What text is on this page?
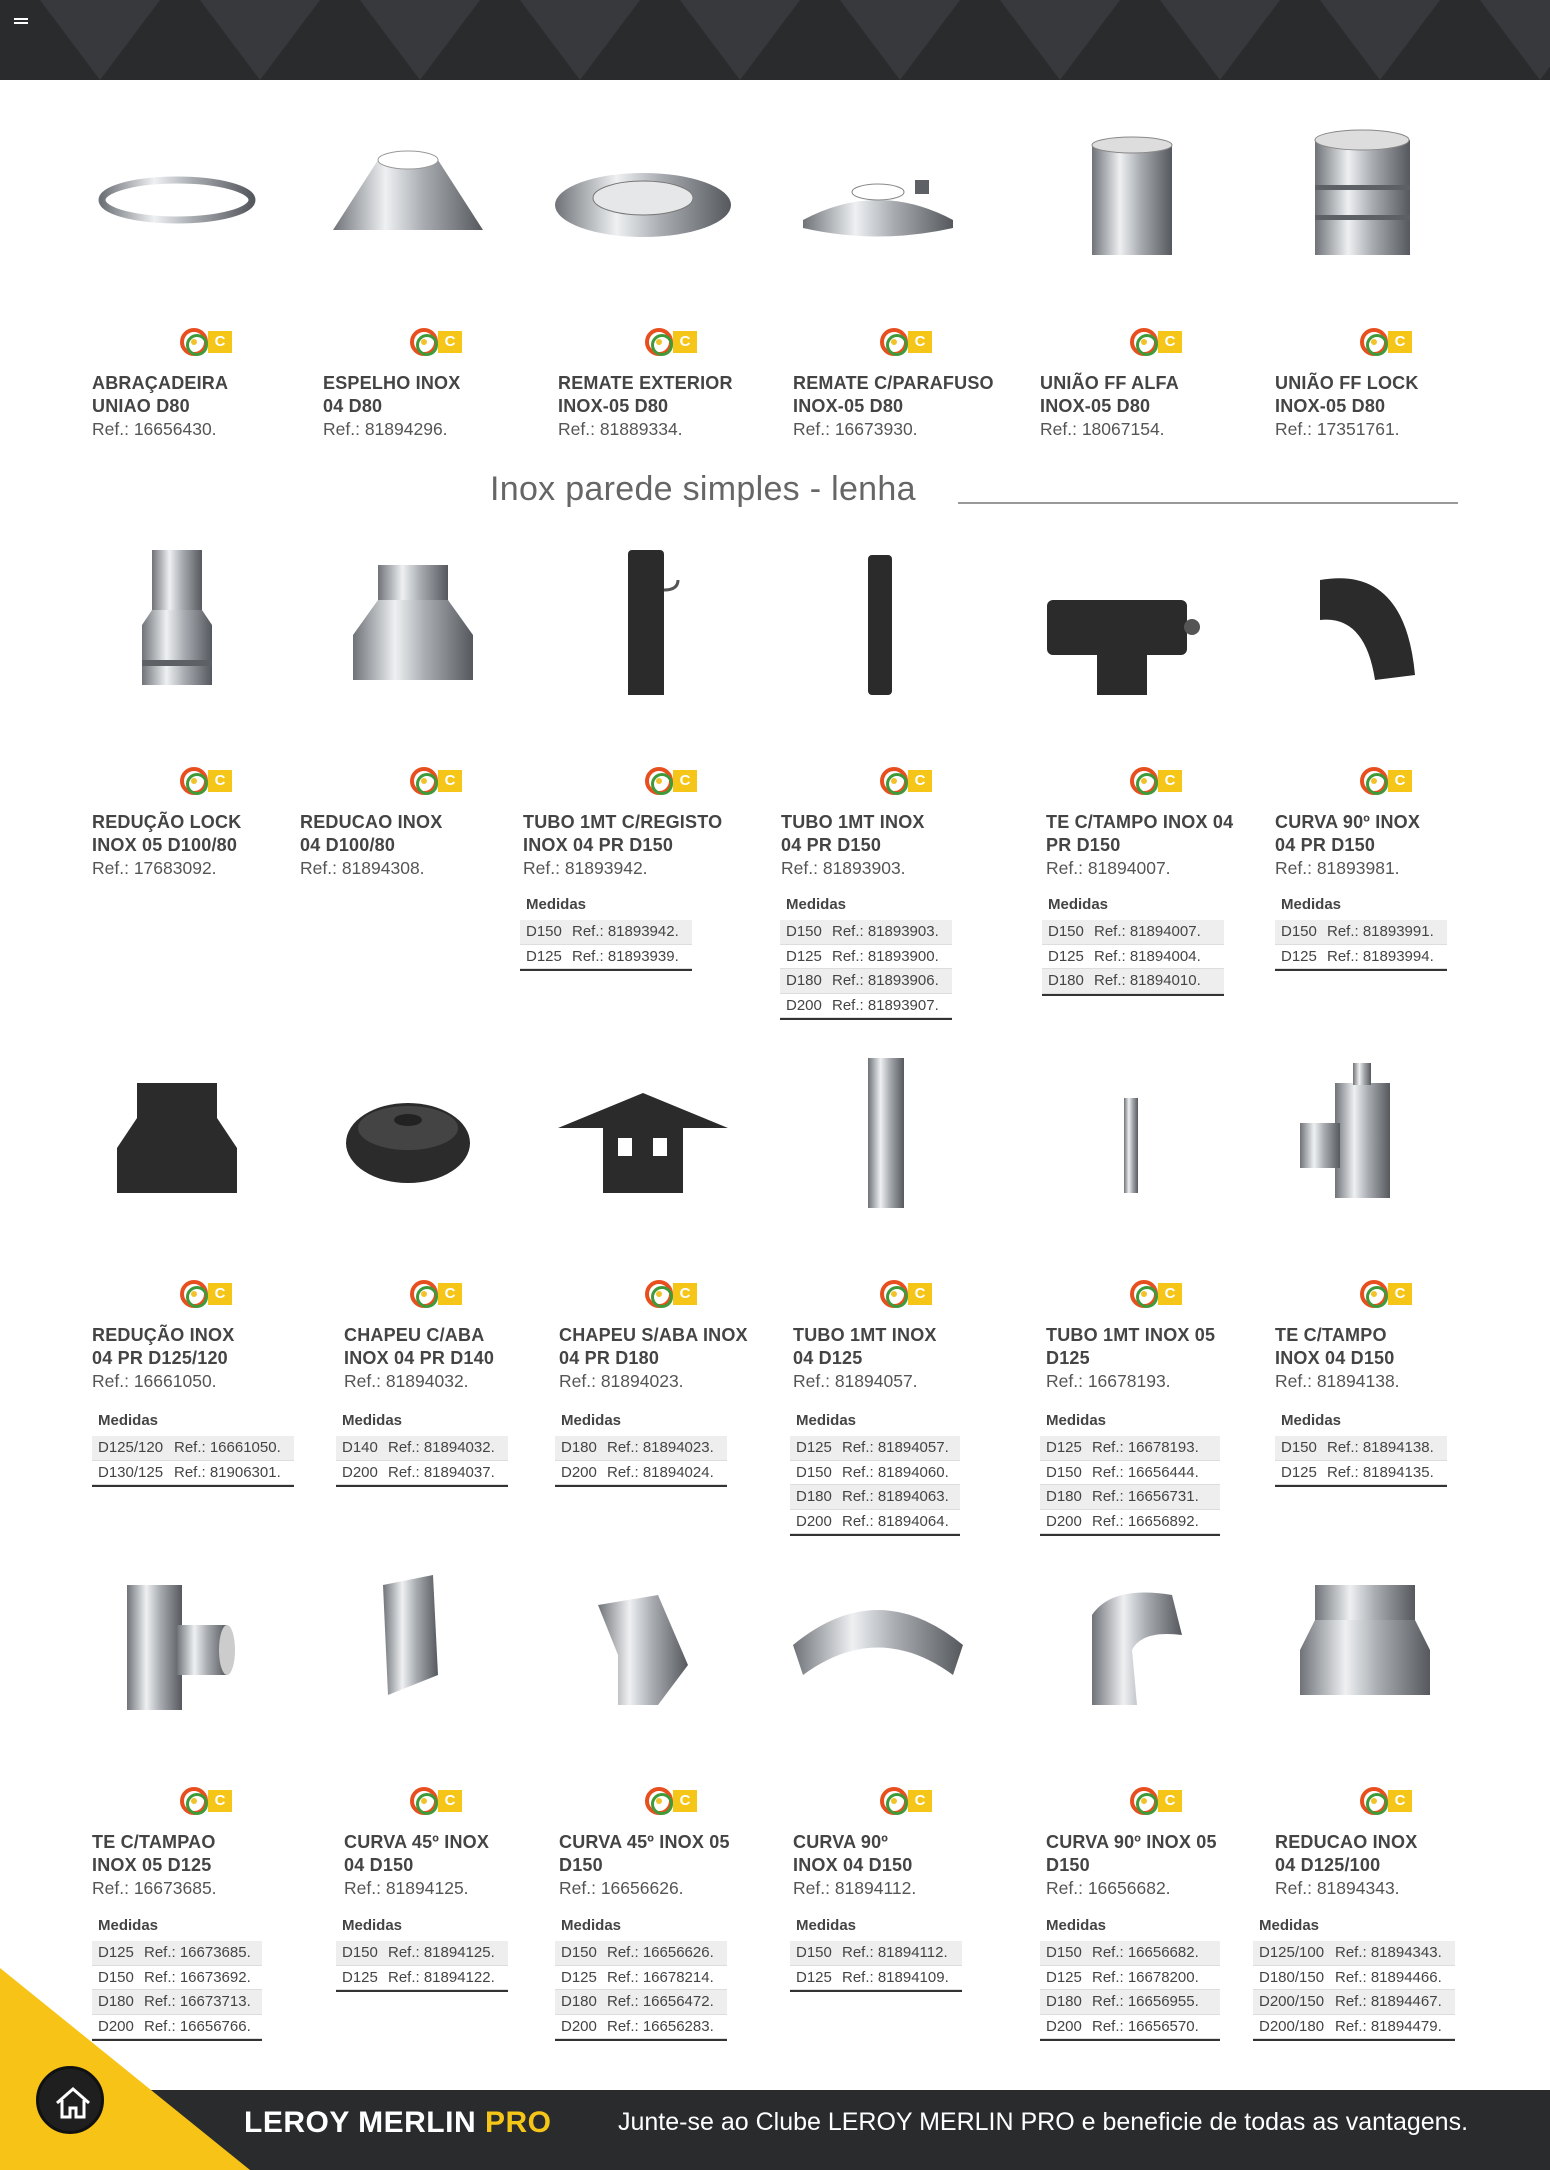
Inox parede simples - lenha
C
ABRAÇADEIRA
UNIAO D80
Ref.: 16656430.
C
ESPELHO INOX
04 D80
Ref.: 81894296.
C
REMATE EXTERIOR
INOX-05 D80
Ref.: 81889334.
C
REMATE C/PARAFUSO
INOX-05 D80
Ref.: 16673930.
C
UNIÃO FF ALFA
INOX-05 D80
Ref.: 18067154.
C
UNIÃO FF LOCK
INOX-05 D80
Ref.: 17351761.
C
REDUÇÃO LOCK
INOX 05 D100/80
Ref.: 17683092.
C
REDUCAO INOX
04 D100/80
Ref.: 81894308.
C
TUBO 1MT C/REGISTO
INOX 04 PR D150
Ref.: 81893942.
Medidas
D150 Ref.: 81893942.
D125 Ref.: 81893939.
C
TUBO 1MT INOX
04 PR D150
Ref.: 81893903.
Medidas
D150 Ref.: 81893903.
D125 Ref.: 81893900.
D180 Ref.: 81893906.
D200 Ref.: 81893907.
C
TE C/TAMPO INOX 04
PR D150
Ref.: 81894007.
Medidas
D150 Ref.: 81894007.
D125 Ref.: 81894004.
D180 Ref.: 81894010.
C
CURVA 90º INOX
04 PR D150
Ref.: 81893981.
Medidas
D150 Ref.: 81893991.
D125 Ref.: 81893994.
C
REDUÇÃO INOX
04 PR D125/120
Ref.: 16661050.
Medidas
D125/120 Ref.: 16661050.
D130/125 Ref.: 81906301.
C
CHAPEU C/ABA
INOX 04 PR D140
Ref.: 81894032.
Medidas
D140 Ref.: 81894032.
D200 Ref.: 81894037.
C
CHAPEU S/ABA INOX
04 PR D180
Ref.: 81894023.
Medidas
D180 Ref.: 81894023.
D200 Ref.: 81894024.
C
TUBO 1MT INOX
04 D125
Ref.: 81894057.
Medidas
D125 Ref.: 81894057.
D150 Ref.: 81894060.
D180 Ref.: 81894063.
D200 Ref.: 81894064.
C
TUBO 1MT INOX 05
D125
Ref.: 16678193.
Medidas
D125 Ref.: 16678193.
D150 Ref.: 16656444.
D180 Ref.: 16656731.
D200 Ref.: 16656892.
C
TE C/TAMPO
INOX 04 D150
Ref.: 81894138.
Medidas
D150 Ref.: 81894138.
D125 Ref.: 81894135.
C
TE C/TAMPAO
INOX 05 D125
Ref.: 16673685.
Medidas
D125 Ref.: 16673685.
D150 Ref.: 16673692.
D180 Ref.: 16673713.
D200 Ref.: 16656766.
C
CURVA 45º INOX
04 D150
Ref.: 81894125.
Medidas
D150 Ref.: 81894125.
D125 Ref.: 81894122.
C
CURVA 45º INOX 05
D150
Ref.: 16656626.
Medidas
D150 Ref.: 16656626.
D125 Ref.: 16678214.
D180 Ref.: 16656472.
D200 Ref.: 16656283.
C
CURVA 90º
INOX 04 D150
Ref.: 81894112.
Medidas
D150 Ref.: 81894112.
D125 Ref.: 81894109.
C
CURVA 90º INOX 05
D150
Ref.: 16656682.
Medidas
D150 Ref.: 16656682.
D125 Ref.: 16678200.
D180 Ref.: 16656955.
D200 Ref.: 16656570.
C
REDUCAO INOX
04 D125/100
Ref.: 81894343.
Medidas
D125/100 Ref.: 81894343.
D180/150 Ref.: 81894466.
D200/150 Ref.: 81894467.
D200/180 Ref.: 81894479.
LEROY MERLIN PRO	Junte-se ao Clube LEROY MERLIN PRO e beneficie de todas as vantagens.
